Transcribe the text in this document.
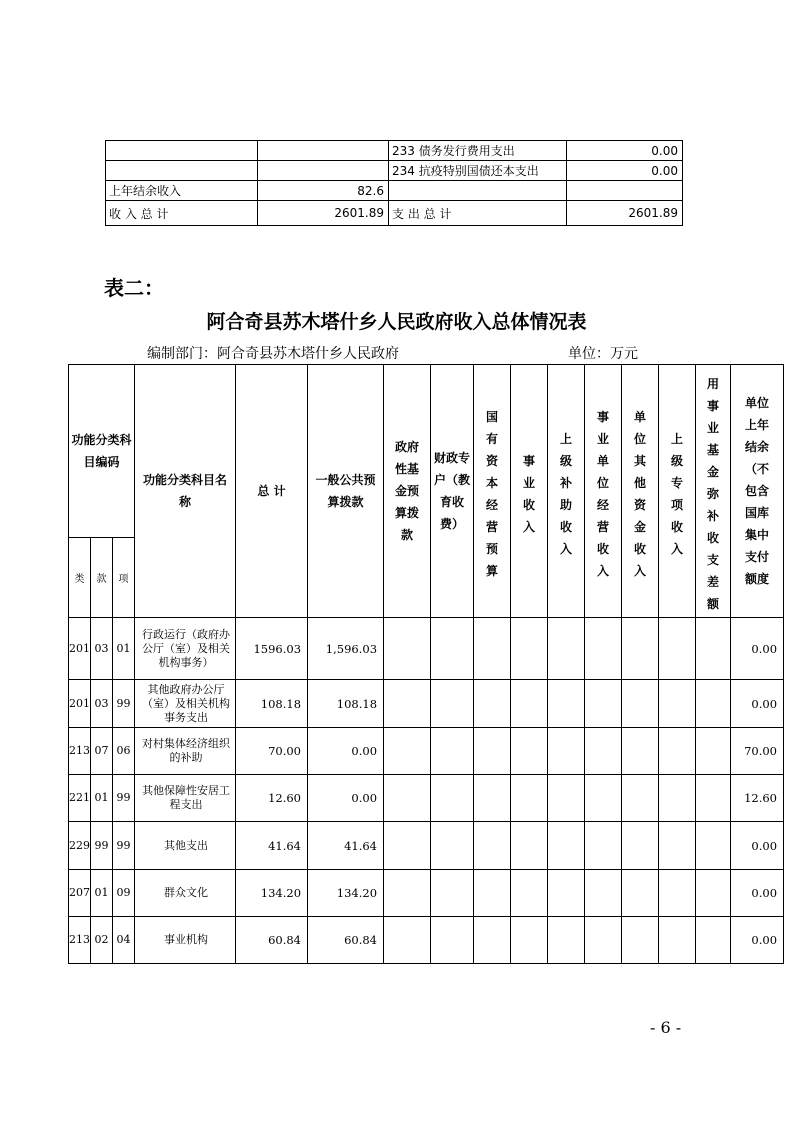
		233 债务发行费用支出	0.00
		234 抗疫特别国债还本支出	0.00
上年结余收入	82.6		
收 入 总 计	2601.89	支 出 总 计	2601.89
表二：
阿合奇县苏木塔什乡人民政府收入总体情况表
编制部门：阿合奇县苏木塔什乡人民政府	单位：万元
功能分类科目编码			功能分类科目名称	总 计	一般公共预算拨款	政府性基金预算拨款	财政专户（教育收费）	国有资本经营预算	事业收入	上级补助收入	事业单位经营收入	单位其他资金收入	上级专项收入	用事业基金弥补收支差额	单位上年结余（不包含国库集中支付额度

类	款	项													
201	03	01	行政运行（政府办公厅（室）及相关机构事务）	1596.03	1,596.03										0.00
201	03	99	其他政府办公厅（室）及相关机构事务支出	108.18	108.18										0.00
213	07	06	对村集体经济组织的补助	70.00	0.00										70.00
221	01	99	其他保障性安居工程支出	12.60	0.00										12.60
229	99	99	其他支出	41.64	41.64										0.00
207	01	09	群众文化	134.20	134.20										0.00
213	02	04	事业机构	60.84	60.84										0.00
- 6 -
